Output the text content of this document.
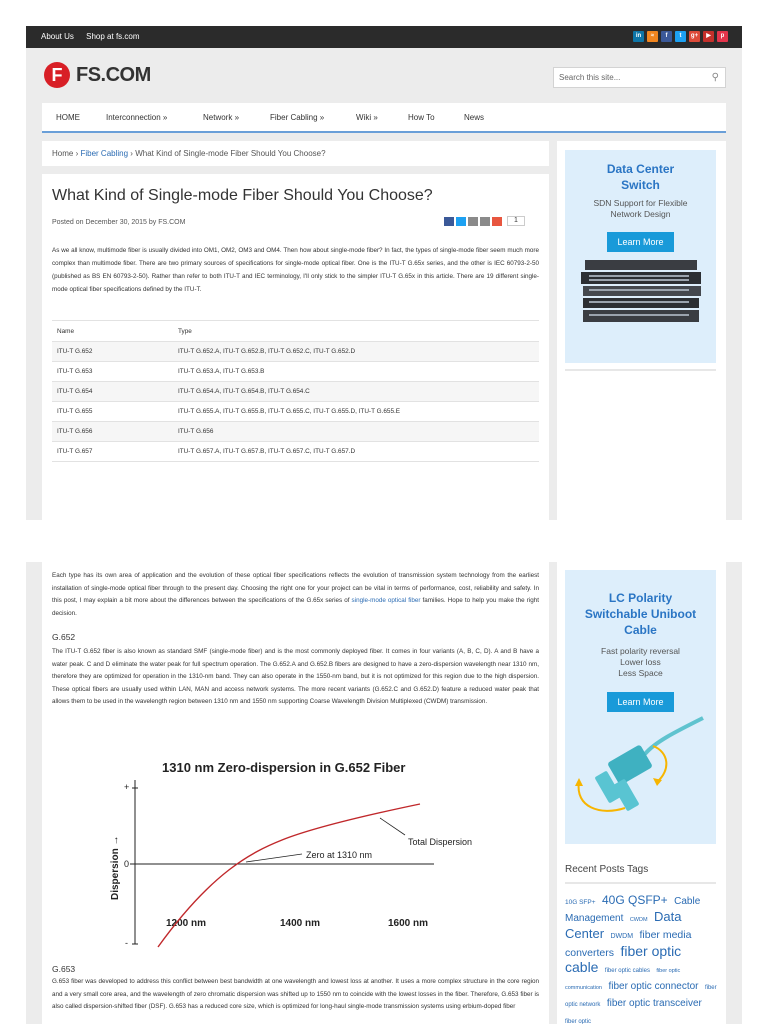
About Us Shop at fs.com	in	≈	f	t	g+	▶	p
F FS.COM	Search this site...	⚲
HOME	Interconnection »	Network »	Fiber Cabling »	Wiki »	How To	News
Home › Fiber Cabling › What Kind of Single-mode Fiber Should You Choose?
What Kind of Single-mode Fiber Should You Choose?
Posted on December 30, 2015 by FS.COM	1
As we all know, multimode fiber is usually divided into OM1, OM2, OM3 and OM4. Then how about single-mode fiber? In fact, the types of single-mode fiber seem much more complex than multimode fiber. There are two primary sources of specifications for single-mode optical fiber. One is the ITU-T G.65x series, and the other is IEC 60793-2-50 (published as BS EN 60793-2-50). Rather than refer to both ITU-T and IEC terminology, I'll only stick to the simpler ITU-T G.65x in this article. There are 19 different single-mode optical fiber specifications defined by the ITU-T.
Name	Type
ITU-T G.652	ITU-T G.652.A, ITU-T G.652.B, ITU-T G.652.C, ITU-T G.652.D
ITU-T G.653	ITU-T G.653.A, ITU-T G.653.B
ITU-T G.654	ITU-T G.654.A, ITU-T G.654.B, ITU-T G.654.C
ITU-T G.655	ITU-T G.655.A, ITU-T G.655.B, ITU-T G.655.C, ITU-T G.655.D, ITU-T G.655.E
ITU-T G.656	ITU-T G.656
ITU-T G.657	ITU-T G.657.A, ITU-T G.657.B, ITU-T G.657.C, ITU-T G.657.D
Data Center
Switch
SDN Support for Flexible
Network Design
Learn More
Each type has its own area of application and the evolution of these optical fiber specifications reflects the evolution of transmission system technology from the earliest installation of single-mode optical fiber through to the present day. Choosing the right one for your project can be vital in terms of performance, cost, reliability and safety. In this post, I may explain a bit more about the differences between the specifications of the G.65x series of single-mode optical fiber families. Hope to help you make the right decision.
G.652
The ITU-T G.652 fiber is also known as standard SMF (single-mode fiber) and is the most commonly deployed fiber. It comes in four variants (A, B, C, D). A and B have a water peak. C and D eliminate the water peak for full spectrum operation. The G.652.A and G.652.B fibers are designed to have a zero-dispersion wavelength near 1310 nm, therefore they are optimized for operation in the 1310-nm band. They can also operate in the 1550-nm band, but it is not optimized for this region due to the high dispersion. These optical fibers are usually used within LAN, MAN and access network systems. The more recent variants (G.652.C and G.652.D) feature a reduced water peak that allows them to be used in the wavelength region between 1310 nm and 1550 nm supporting Coarse Wavelength Division Multiplexed (CWDM) transmission.
G.653
G.653 fiber was developed to address this conflict between best bandwidth at one wavelength and lowest loss at another. It uses a more complex structure in the core region and a very small core area, and the wavelength of zero chromatic dispersion was shifted up to 1550 nm to coincide with the lowest losses in the fiber. Therefore, G.653 fiber is also called dispersion-shifted fiber (DSF). G.653 has a reduced core size, which is optimized for long-haul single-mode transmission systems using erbium-doped fiber
1310 nm Zero-dispersion in G.652 Fiber
Dispersion →
+
0
-
1200 nm	1400 nm	1600 nm
Zero at 1310 nm
Total Dispersion
LC Polarity
Switchable Uniboot
Cable
Fast polarity reversal
Lower loss
Less Space
Learn More
Recent Posts Tags
10G SFP+ 40G QSFP+ Cable Management CWDM Data Center DWDM fiber media converters fiber optic cable fiber optic cables fiber optic communication fiber optic connector fiber optic network fiber optic transceiver fiber optic
